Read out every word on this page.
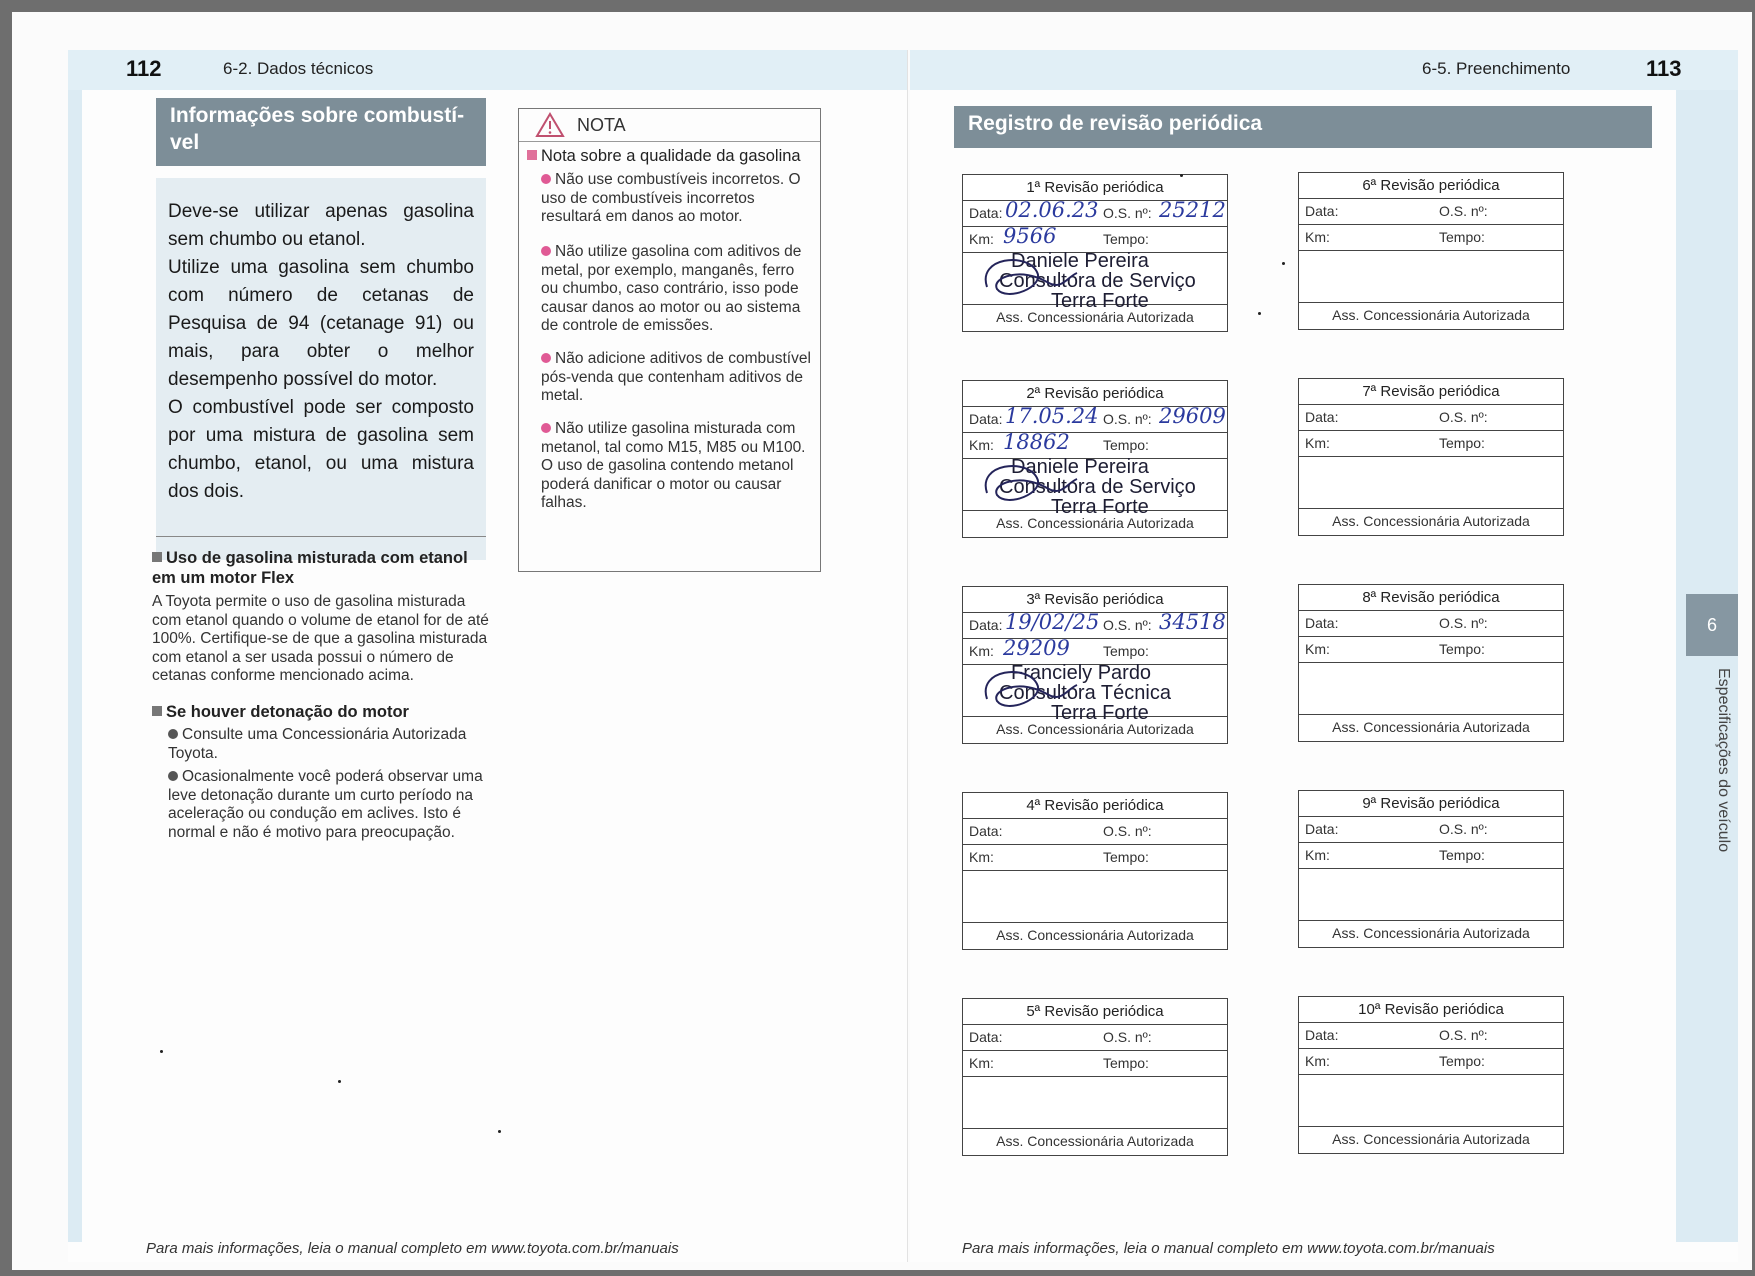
112	6-2. Dados técnicos
Informações sobre combustí-
vel

Deve-se utilizar apenas gasolina sem chumbo ou etanol.

Utilize uma gasolina sem chumbo com número de cetanas de Pesquisa de 94 (cetanage 91) ou mais, para obter o melhor desempenho possível do motor.

O combustível pode ser composto por uma mistura de gasolina sem chumbo, etanol, ou uma mistura dos dois.

Uso de gasolina misturada com etanol em um motor Flex
A Toyota permite o uso de gasolina misturada com etanol quando o volume de etanol for de até 100%. Certifique-se de que a gasolina misturada com etanol a ser usada possui o número de cetanas conforme mencionado acima.
Se houver detonação do motor
Consulte uma Concessionária Autorizada Toyota.
Ocasionalmente você poderá observar uma leve detonação durante um curto período na aceleração ou condução em aclives. Isto é normal e não é motivo para preocupação.
NOTA
Nota sobre a qualidade da gasolina
Não use combustíveis incorretos. O uso de combustíveis incorretos resultará em danos ao motor.
Não utilize gasolina com aditivos de metal, por exemplo, manganês, ferro ou chumbo, caso contrário, isso pode causar danos ao motor ou ao sistema de controle de emissões.
Não adicione aditivos de combustível pós-venda que contenham aditivos de metal.
Não utilize gasolina misturada com metanol, tal como M15, M85 ou M100. O uso de gasolina contendo metanol poderá danificar o motor ou causar falhas.
Para mais informações, leia o manual completo em www.toyota.com.br/manuais
6-5. Preenchimento	113
Registro de revisão periódica
6
Especificações do veículo
1ª Revisão periódica
Data: 02.06.23 O.S. nº: 25212
Km: 9566	Tempo:
Daniele Pereira
Consultora de Serviço
Terra Forte
Ass. Concessionária Autorizada
2ª Revisão periódica
Data: 17.05.24 O.S. nº: 29609
Km: 18862 Tempo:
Daniele Pereira
Consultora de Serviço
Terra Forte
Ass. Concessionária Autorizada
3ª Revisão periódica
Data: 19/02/25 O.S. nº: 34518
Km: 29209 Tempo:
Franciely Pardo
Consultora Técnica
Terra Forte
Ass. Concessionária Autorizada
4ª Revisão periódica
Data:	O.S. nº:
Km:	Tempo:
Ass. Concessionária Autorizada
5ª Revisão periódica
Data:	O.S. nº:
Km:	Tempo:
Ass. Concessionária Autorizada
6ª Revisão periódica
Data:	O.S. nº:
Km:	Tempo:
Ass. Concessionária Autorizada
7ª Revisão periódica
Data:	O.S. nº:
Km:	Tempo:
Ass. Concessionária Autorizada
8ª Revisão periódica
Data:	O.S. nº:
Km:	Tempo:
Ass. Concessionária Autorizada
9ª Revisão periódica
Data:	O.S. nº:
Km:	Tempo:
Ass. Concessionária Autorizada
10ª Revisão periódica
Data:	O.S. nº:
Km:	Tempo:
Ass. Concessionária Autorizada
Para mais informações, leia o manual completo em www.toyota.com.br/manuais
